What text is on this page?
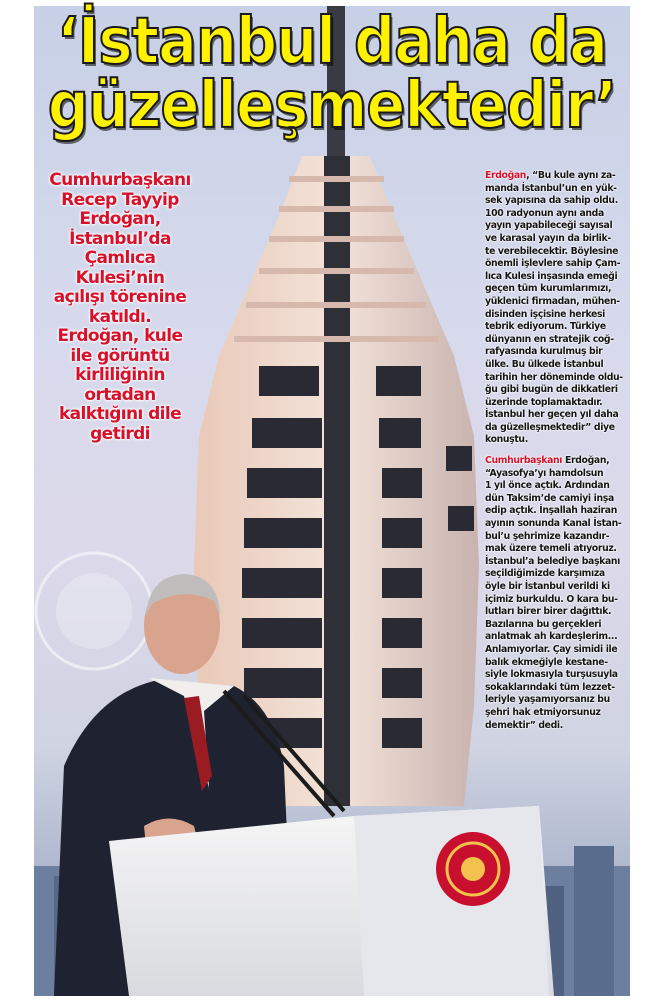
‘İstanbul daha da
güzelleşmektedir’
Cumhurbaşkanı
Recep Tayyip
Erdoğan,
İstanbul’da
Çamlıca
Kulesi’nin
açılışı törenine
katıldı.
Erdoğan, kule
ile görüntü
kirliliğinin
ortadan
kalktığını dile
getirdi
Erdoğan, “Bu kule aynı za-
manda İstanbul’un en yük-
sek yapısına da sahip oldu.
100 radyonun aynı anda
yayın yapabileceği sayısal
ve karasal yayın da birlik-
te verebilecektir. Böylesine
önemli işlevlere sahip Çam-
lıca Kulesi inşasında emeği
geçen tüm kurumlarımızı,
yüklenici firmadan, mühen-
disinden işçisine herkesi
tebrik ediyorum. Türkiye
dünyanın en stratejik coğ-
rafyasında kurulmuş bir
ülke. Bu ülkede İstanbul
tarihin her döneminde oldu-
ğu gibi bugün de dikkatleri
üzerinde toplamaktadır.
İstanbul her geçen yıl daha
da güzelleşmektedir” diye
konuştu.
Cumhurbaşkanı Erdoğan,
“Ayasofya’yı hamdolsun
1 yıl önce açtık. Ardından
dün Taksim’de camiyi inşa
edip açtık. İnşallah haziran
ayının sonunda Kanal İstan-
bul’u şehrimize kazandır-
mak üzere temeli atıyoruz.
İstanbul’a belediye başkanı
seçildiğimizde karşımıza
öyle bir İstanbul verildi ki
içimiz burkuldu. O kara bu-
lutları birer birer dağıttık.
Bazılarına bu gerçekleri
anlatmak ah kardeşlerim...
Anlamıyorlar. Çay simidi ile
balık ekmeğiyle kestane-
siyle lokmasıyla turşusuyla
sokaklarındaki tüm lezzet-
leriyle yaşamıyorsanız bu
şehri hak etmiyorsunuz
demektir” dedi.
